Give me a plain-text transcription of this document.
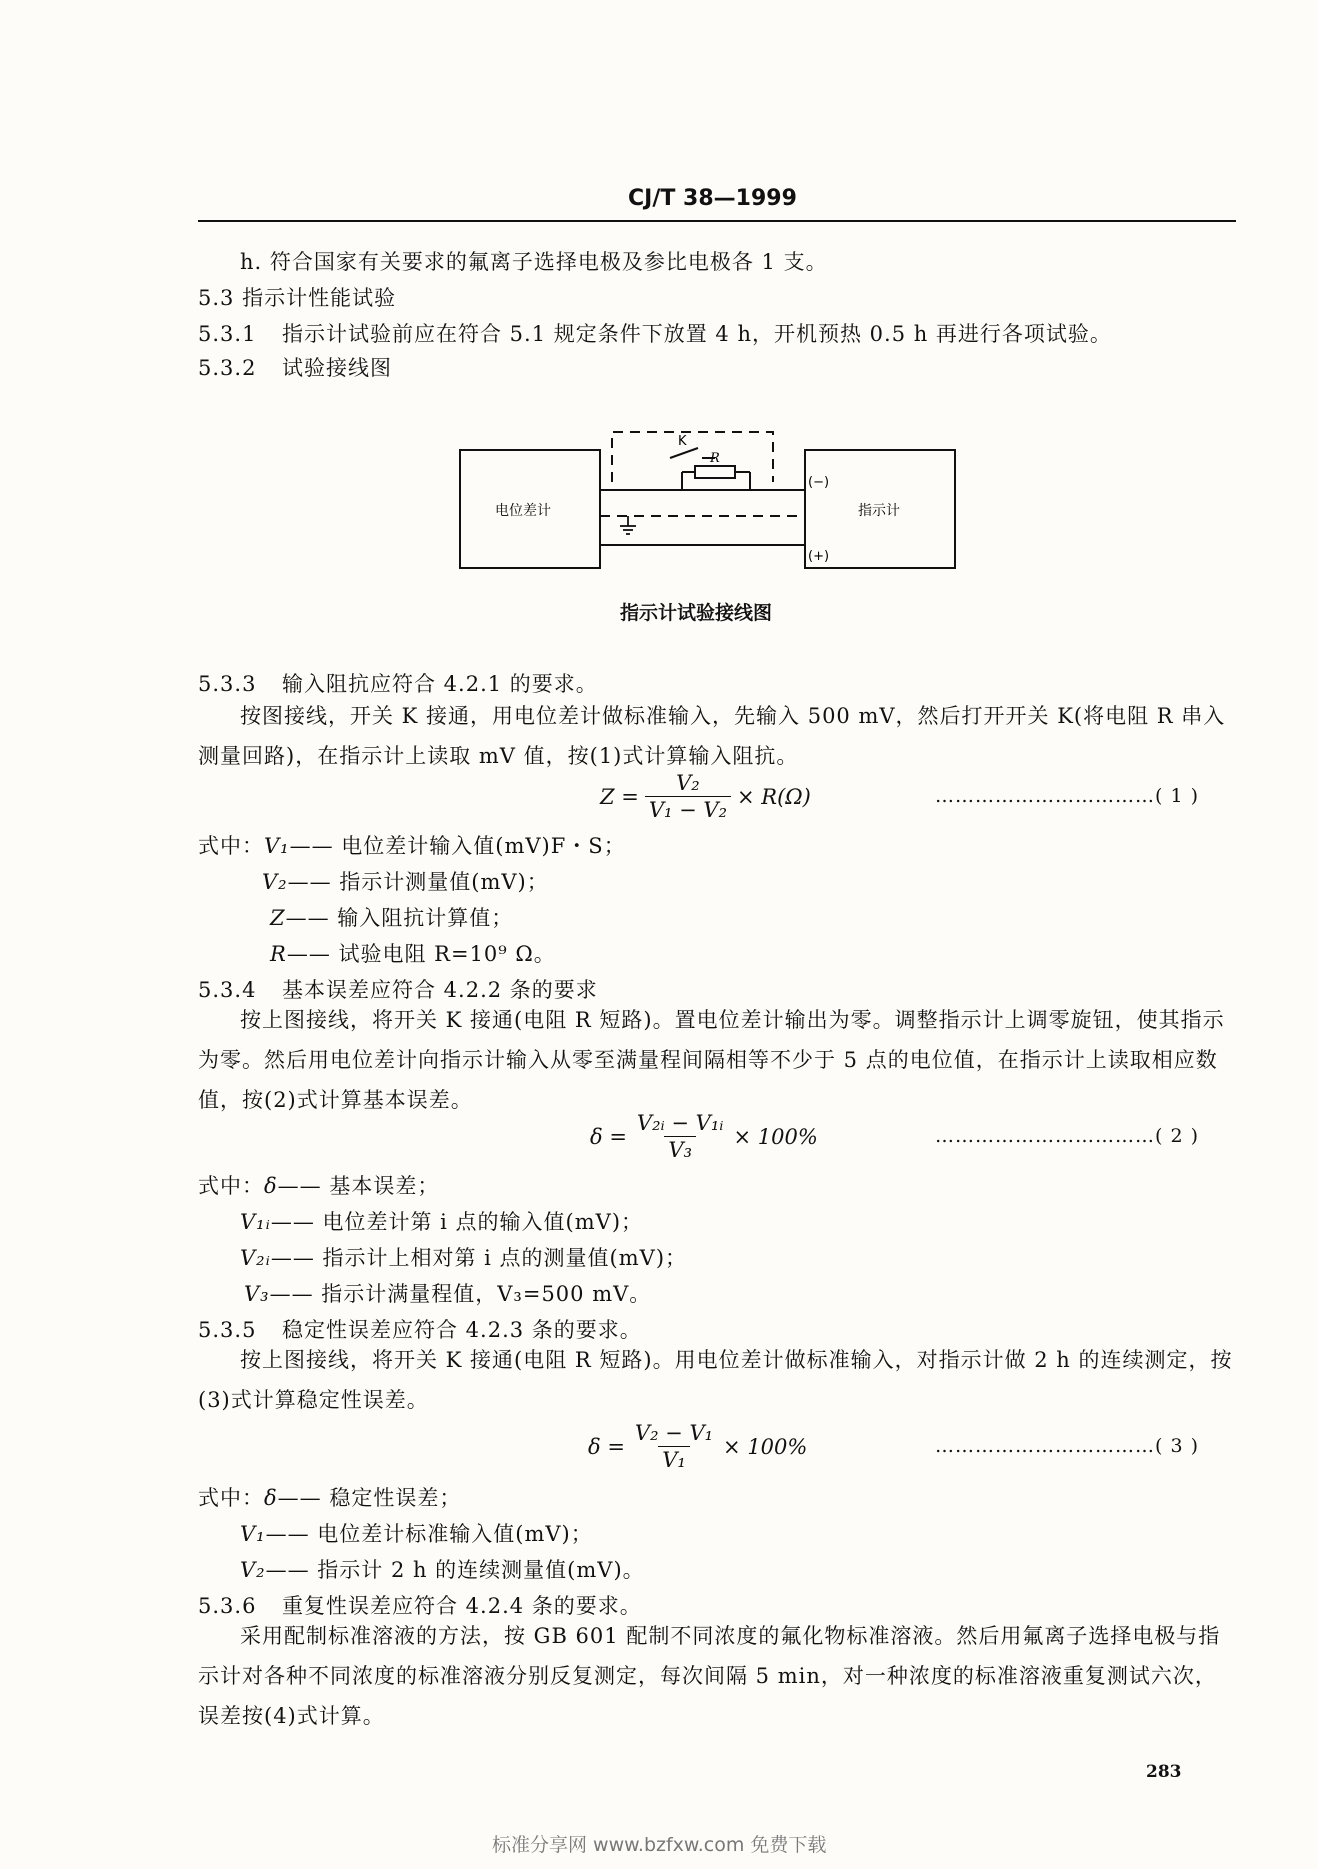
CJ/T 38—1999
h. 符合国家有关要求的氟离子选择电极及参比电极各 1 支。
5.3 指示计性能试验
5.3.1 指示计试验前应在符合 5.1 规定条件下放置 4 h，开机预热 0.5 h 再进行各项试验。
5.3.2 试验接线图
电位差计	指示计
K
R
(−)
(+)
指示计试验接线图
5.3.3 输入阻抗应符合 4.2.1 的要求。
按图接线，开关 K 接通，用电位差计做标准输入，先输入 500 mV，然后打开开关 K(将电阻 R 串入测量回路)，在指示计上读取 mV 值，按(1)式计算输入阻抗。
$Z = \frac{\text{V₂}}{\text{V₁ − V₂}} \times R(\Omega)$	……………………………( 1 )
式中：V₁—— 电位差计输入值(mV)F・S；
V₂—— 指示计测量值(mV)；
Z—— 输入阻抗计算值；
R—— 试验电阻 R=10⁹ Ω。
5.3.4 基本误差应符合 4.2.2 条的要求
按上图接线，将开关 K 接通(电阻 R 短路)。置电位差计输出为零。调整指示计上调零旋钮，使其指示为零。然后用电位差计向指示计输入从零至满量程间隔相等不少于 5 点的电位值，在指示计上读取相应数值，按(2)式计算基本误差。
$\delta = \frac{\text{V₂ᵢ − V₁ᵢ}}{\text{V₃}} \times 100\%$	……………………………( 2 )
式中：δ—— 基本误差；
V₁ᵢ—— 电位差计第 i 点的输入值(mV)；
V₂ᵢ—— 指示计上相对第 i 点的测量值(mV)；
V₃—— 指示计满量程值，V₃=500 mV。
5.3.5 稳定性误差应符合 4.2.3 条的要求。
按上图接线，将开关 K 接通(电阻 R 短路)。用电位差计做标准输入，对指示计做 2 h 的连续测定，按(3)式计算稳定性误差。
$\delta = \frac{\text{V₂ − V₁}}{\text{V₁}} \times 100\%$	……………………………( 3 )
式中：δ—— 稳定性误差；
V₁—— 电位差计标准输入值(mV)；
V₂—— 指示计 2 h 的连续测量值(mV)。
5.3.6 重复性误差应符合 4.2.4 条的要求。
采用配制标准溶液的方法，按 GB 601 配制不同浓度的氟化物标准溶液。然后用氟离子选择电极与指示计对各种不同浓度的标准溶液分别反复测定，每次间隔 5 min，对一种浓度的标准溶液重复测试六次，误差按(4)式计算。
283
标准分享网 www.bzfxw.com 免费下载
